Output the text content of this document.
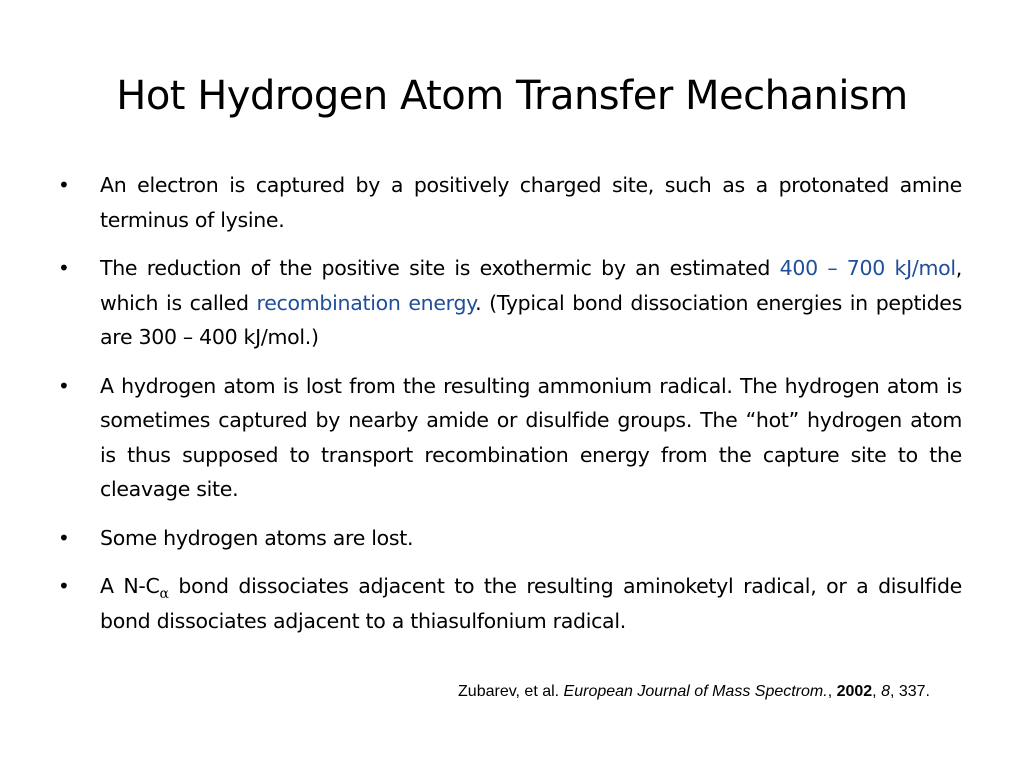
Hot Hydrogen Atom Transfer Mechanism
•	An electron is captured by a positively charged site, such as a protonated amine terminus of lysine.
•	The reduction of the positive site is exothermic by an estimated 400 – 700 kJ/mol, which is called recombination energy. (Typical bond dissociation energies in peptides are 300 – 400 kJ/mol.)
•	A hydrogen atom is lost from the resulting ammonium radical. The hydrogen atom is sometimes captured by nearby amide or disulfide groups. The “hot” hydrogen atom is thus supposed to transport recombination energy from the capture site to the cleavage site.
•	Some hydrogen atoms are lost.
•	A $N-C_\alpha$ bond dissociates adjacent to the resulting aminoketyl radical, or a disulfide bond dissociates adjacent to a thiasulfonium radical.
Zubarev, et al. European Journal of Mass Spectrom., 2002, 8, 337.
